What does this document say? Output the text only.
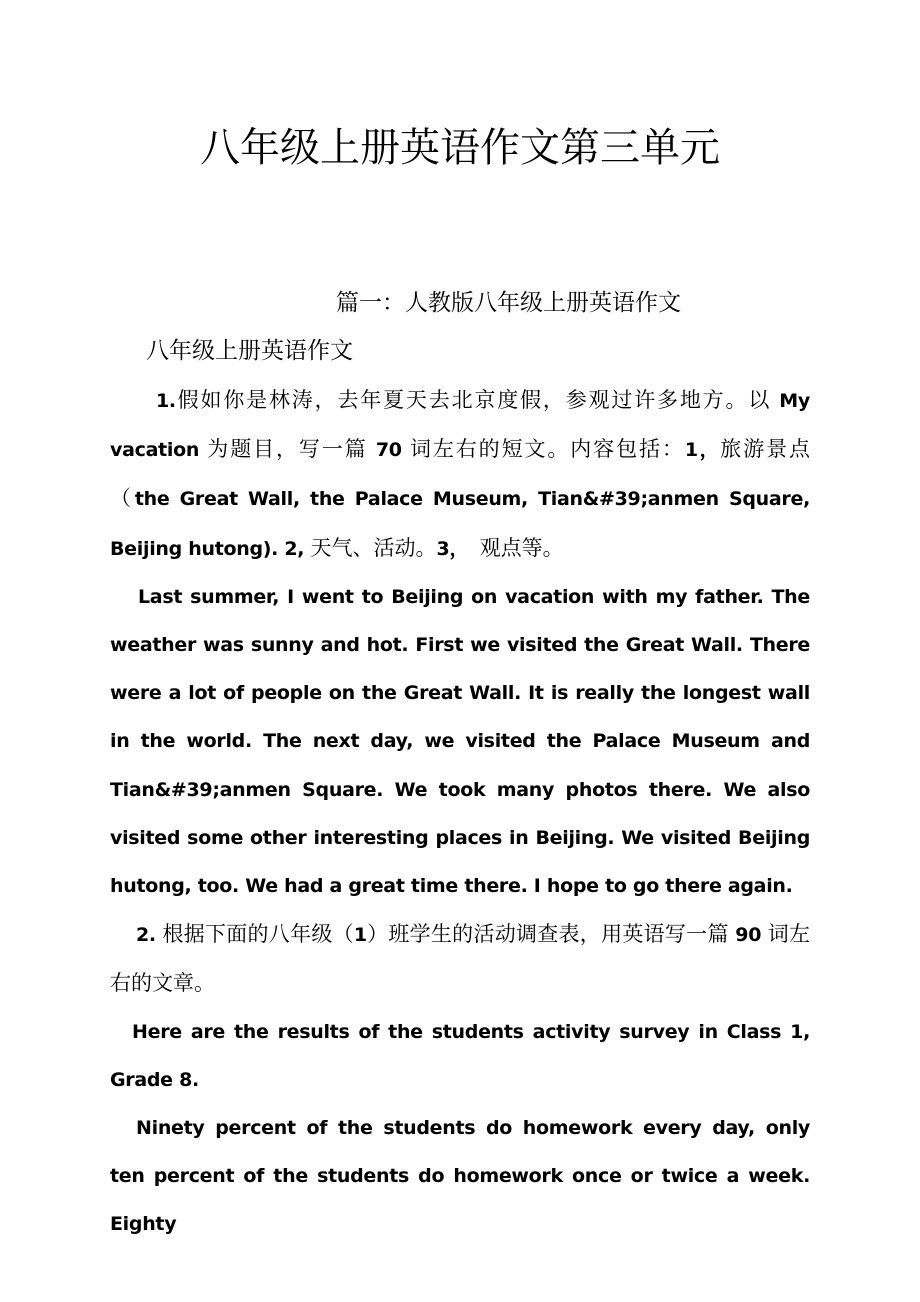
八年级上册英语作文第三单元
篇一：人教版八年级上册英语作文
八年级上册英语作文

1.假如你是林涛，去年夏天去北京度假，参观过许多地方。以 My vacation 为题目，写一篇 70 词左右的短文。内容包括：1，旅游景点（the Great Wall, the Palace Museum, Tian&#39;anmen Square, Beijing hutong). 2, 天气、活动。3，　观点等。

Last summer, I went to Beijing on vacation with my father. The weather was sunny and hot. First we visited the Great Wall. There were a lot of people on the Great Wall. It is really the longest wall in the world. The next day, we visited the Palace Museum and Tian&#39;anmen Square. We took many photos there. We also visited some other interesting places in Beijing. We visited Beijing hutong, too. We had a great time there. I hope to go there again.

2. 根据下面的八年级（1）班学生的活动调查表，用英语写一篇 90 词左右的文章。

Here are the results of the students activity survey in Class 1, Grade 8.

Ninety percent of the students do homework every day, only ten percent of the students do homework once or twice a week. Eighty
